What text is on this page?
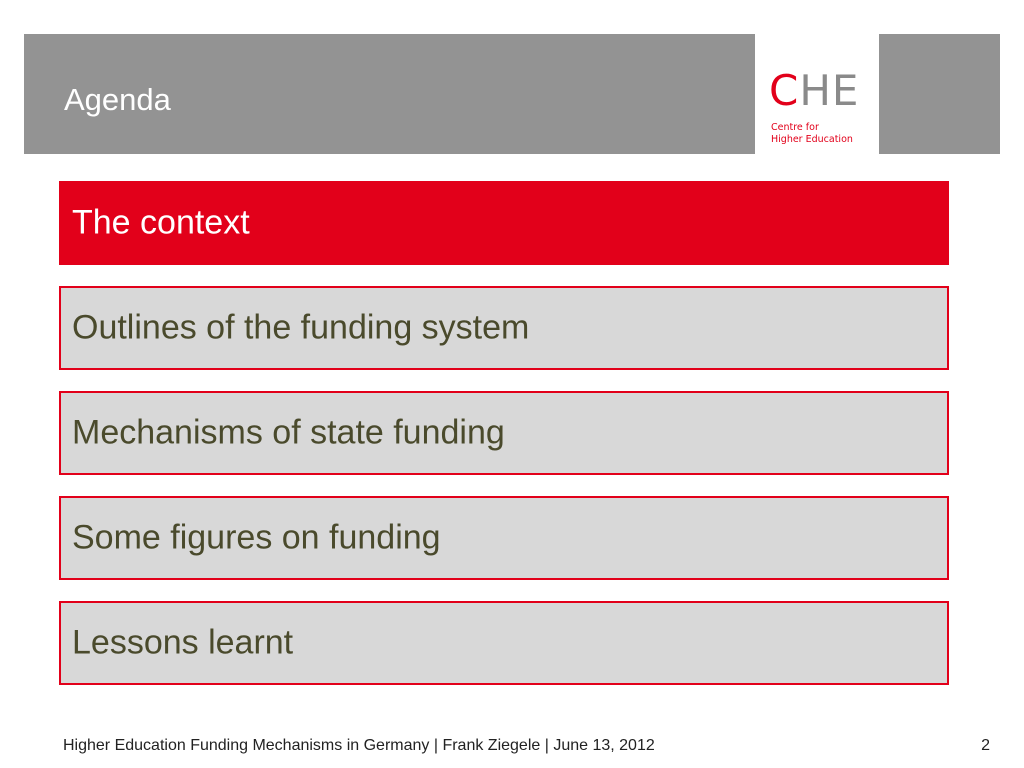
Agenda	CHE
Centre for
Higher Education
The context
Outlines of the funding system
Mechanisms of state funding
Some figures on funding
Lessons learnt
Higher Education Funding Mechanisms in Germany | Frank Ziegele | June 13, 2012	2
